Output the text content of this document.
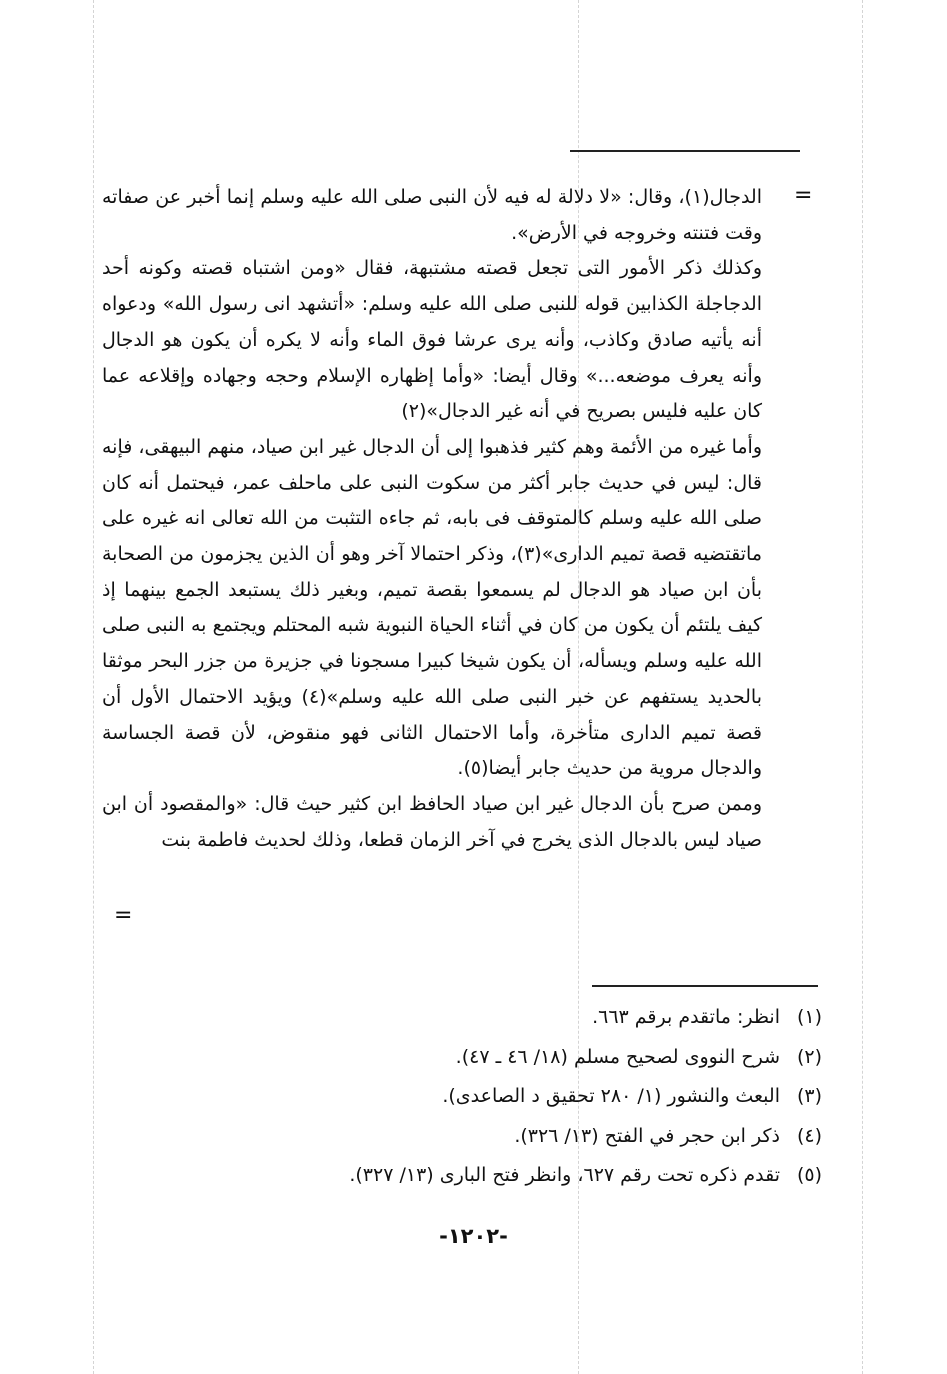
=

الدجال(١)، وقال: «لا دلالة له فيه لأن النبى صلى الله عليه وسلم إنما أخبر عن صفاته وقت فتنته وخروجه في الأرض».

وكذلك ذكر الأمور التى تجعل قصته مشتبهة، فقال «ومن اشتباه قصته وكونه أحد الدجاجلة الكذابين قوله للنبى صلى الله عليه وسلم: «أتشهد انى رسول الله» ودعواه أنه يأتيه صادق وكاذب، وأنه يرى عرشا فوق الماء وأنه لا يكره أن يكون هو الدجال وأنه يعرف موضعه...» وقال أيضا: «وأما إظهاره الإسلام وحجه وجهاده وإقلاعه عما كان عليه فليس بصريح في أنه غير الدجال»(٢)

وأما غيره من الأئمة وهم كثير فذهبوا إلى أن الدجال غير ابن صياد، منهم البيهقى، فإنه قال: ليس في حديث جابر أكثر من سكوت النبى على ماحلف عمر، فيحتمل أنه كان صلى الله عليه وسلم كالمتوقف فى بابه، ثم جاءه التثبت من الله تعالى انه غيره على ماتقتضيه قصة تميم الدارى»(٣)، وذكر احتمالا آخر وهو أن الذين يجزمون من الصحابة بأن ابن صياد هو الدجال لم يسمعوا بقصة تميم، وبغير ذلك يستبعد الجمع بينهما إذ كيف يلتئم أن يكون من كان في أثناء الحياة النبوية شبه المحتلم ويجتمع به النبى صلى الله عليه وسلم ويسأله، أن يكون شيخا كبيرا مسجونا في جزيرة من جزر البحر موثقا بالحديد يستفهم عن خبر النبى صلى الله عليه وسلم»(٤) ويؤيد الاحتمال الأول أن قصة تميم الدارى متأخرة، وأما الاحتمال الثانى فهو منقوض، لأن قصة الجساسة والدجال مروية من حديث جابر أيضا(٥).

وممن صرح بأن الدجال غير ابن صياد الحافظ ابن كثير حيث قال: «والمقصود أن ابن صياد ليس بالدجال الذى يخرج في آخر الزمان قطعا، وذلك لحديث فاطمة بنت

=
(١)
انظر: ماتقدم برقم ٦٦٣.
(٢)
شرح النووى لصحيح مسلم (١٨/ ٤٦ ـ ٤٧).
(٣)
البعث والنشور (١/ ٢٨٠ تحقيق د الصاعدى).
(٤)
ذكر ابن حجر في الفتح (١٣/ ٣٢٦).
(٥)
تقدم ذكره تحت رقم ٦٢٧، وانظر فتح البارى (١٣/ ٣٢٧).
-١٢٠٢-
